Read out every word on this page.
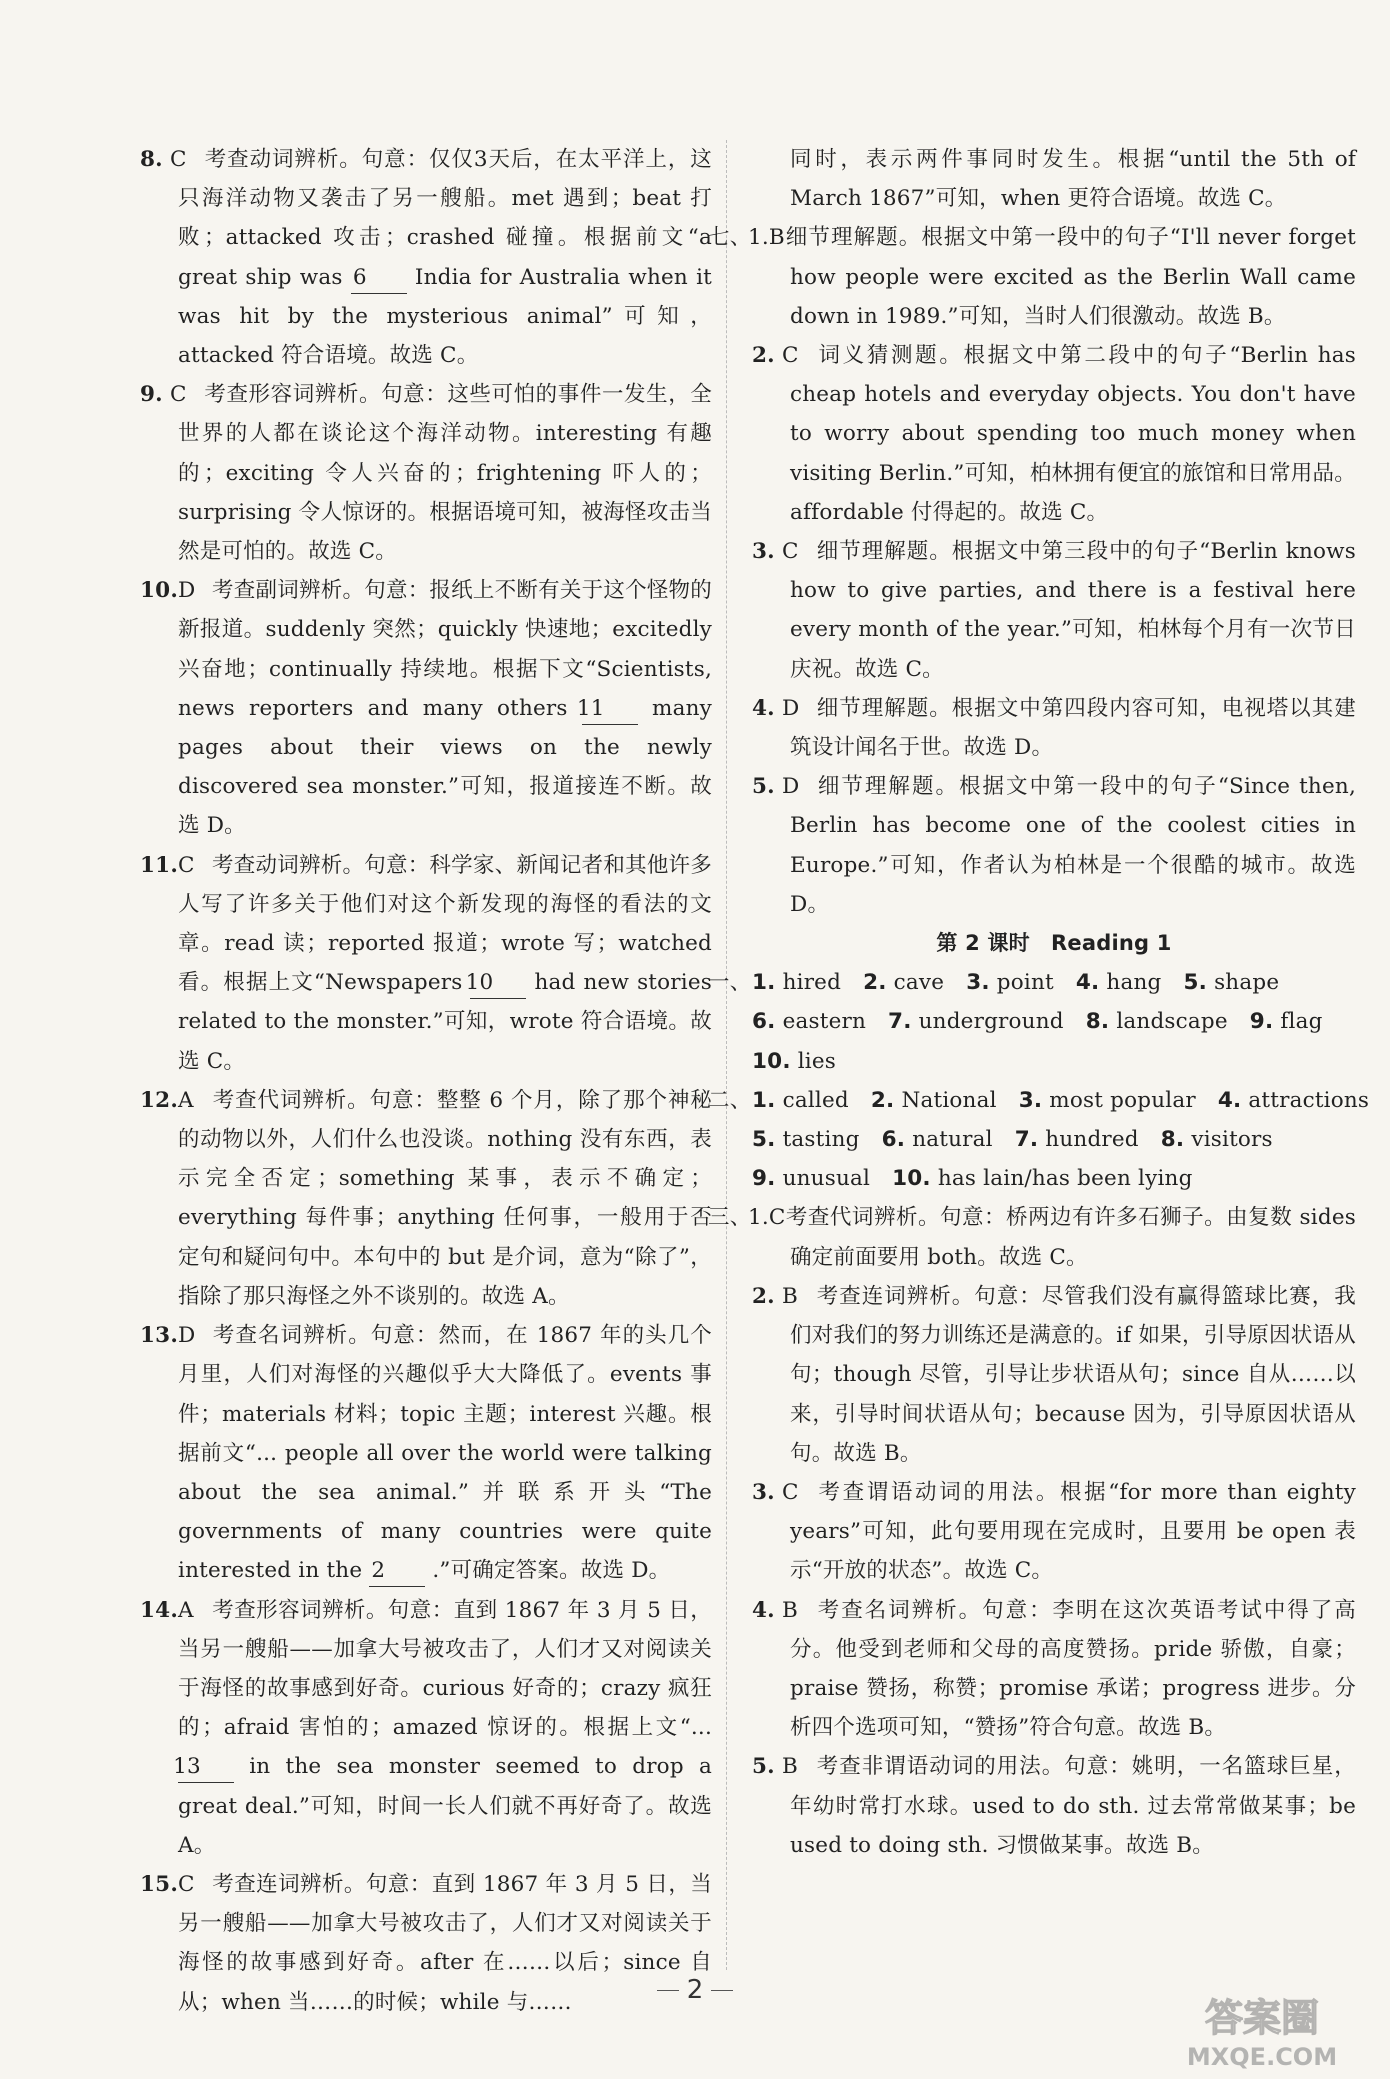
8. C 考查动词辨析。句意：仅仅3天后，在太平洋上，这只海洋动物又袭击了另一艘船。met 遇到；beat 打败；attacked 攻击；crashed 碰撞。根据前文“a great ship was 6 India for Australia when it was hit by the mysterious animal”可知，attacked 符合语境。故选 C。
9. C 考查形容词辨析。句意：这些可怕的事件一发生，全世界的人都在谈论这个海洋动物。interesting 有趣的；exciting 令人兴奋的；frightening 吓人的；surprising 令人惊讶的。根据语境可知，被海怪攻击当然是可怕的。故选 C。
10.D 考查副词辨析。句意：报纸上不断有关于这个怪物的新报道。suddenly 突然；quickly 快速地；excitedly 兴奋地；continually 持续地。根据下文“Scientists, news reporters and many others 11 many pages about their views on the newly discovered sea monster.”可知，报道接连不断。故选 D。
11.C 考查动词辨析。句意：科学家、新闻记者和其他许多人写了许多关于他们对这个新发现的海怪的看法的文章。read 读；reported 报道；wrote 写；watched 看。根据上文“Newspapers 10 had new stories related to the monster.”可知，wrote 符合语境。故选 C。
12.A 考查代词辨析。句意：整整 6 个月，除了那个神秘的动物以外，人们什么也没谈。nothing 没有东西，表示完全否定；something 某事，表示不确定；everything 每件事；anything 任何事，一般用于否定句和疑问句中。本句中的 but 是介词，意为“除了”，指除了那只海怪之外不谈别的。故选 A。
13.D 考查名词辨析。句意：然而，在 1867 年的头几个月里，人们对海怪的兴趣似乎大大降低了。events 事件；materials 材料；topic 主题；interest 兴趣。根据前文“... people all over the world were talking about the sea animal.”并联系开头“The governments of many countries were quite interested in the 2 .”可确定答案。故选 D。
14.A 考查形容词辨析。句意：直到 1867 年 3 月 5 日，当另一艘船——加拿大号被攻击了，人们才又对阅读关于海怪的故事感到好奇。curious 好奇的；crazy 疯狂的；afraid 害怕的；amazed 惊讶的。根据上文“... 13 in the sea monster seemed to drop a great deal.”可知，时间一长人们就不再好奇了。故选 A。
15.C 考查连词辨析。句意：直到 1867 年 3 月 5 日，当另一艘船——加拿大号被攻击了，人们才又对阅读关于海怪的故事感到好奇。after 在……以后；since 自从；when 当……的时候；while 与……
同时，表示两件事同时发生。根据“until the 5th of March 1867”可知，when 更符合语境。故选 C。
七、1.B细节理解题。根据文中第一段中的句子“I'll never forget how people were excited as the Berlin Wall came down in 1989.”可知，当时人们很激动。故选 B。
2. C 词义猜测题。根据文中第二段中的句子“Berlin has cheap hotels and everyday objects. You don't have to worry about spending too much money when visiting Berlin.”可知，柏林拥有便宜的旅馆和日常用品。affordable 付得起的。故选 C。
3. C 细节理解题。根据文中第三段中的句子“Berlin knows how to give parties, and there is a festival here every month of the year.”可知，柏林每个月有一次节日庆祝。故选 C。
4. D 细节理解题。根据文中第四段内容可知，电视塔以其建筑设计闻名于世。故选 D。
5. D 细节理解题。根据文中第一段中的句子“Since then, Berlin has become one of the coolest cities in Europe.”可知，作者认为柏林是一个很酷的城市。故选 D。
第 2 课时　Reading 1
一、1. hired 2. cave 3. point 4. hang 5. shape
6. eastern 7. underground 8. landscape 9. flag
10. lies
二、1. called 2. National 3. most popular 4. attractions
5. tasting 6. natural 7. hundred 8. visitors
9. unusual 10. has lain/has been lying
三、1.C考查代词辨析。句意：桥两边有许多石狮子。由复数 sides 确定前面要用 both。故选 C。
2. B 考查连词辨析。句意：尽管我们没有赢得篮球比赛，我们对我们的努力训练还是满意的。if 如果，引导原因状语从句；though 尽管，引导让步状语从句；since 自从……以来，引导时间状语从句；because 因为，引导原因状语从句。故选 B。
3. C 考查谓语动词的用法。根据“for more than eighty years”可知，此句要用现在完成时，且要用 be open 表示“开放的状态”。故选 C。
4. B 考查名词辨析。句意：李明在这次英语考试中得了高分。他受到老师和父母的高度赞扬。pride 骄傲，自豪；praise 赞扬，称赞；promise 承诺；progress 进步。分析四个选项可知，“赞扬”符合句意。故选 B。
5. B 考查非谓语动词的用法。句意：姚明，一名篮球巨星，年幼时常打水球。used to do sth. 过去常常做某事；be used to doing sth. 习惯做某事。故选 B。
2
答案圈
MXQE.COM
